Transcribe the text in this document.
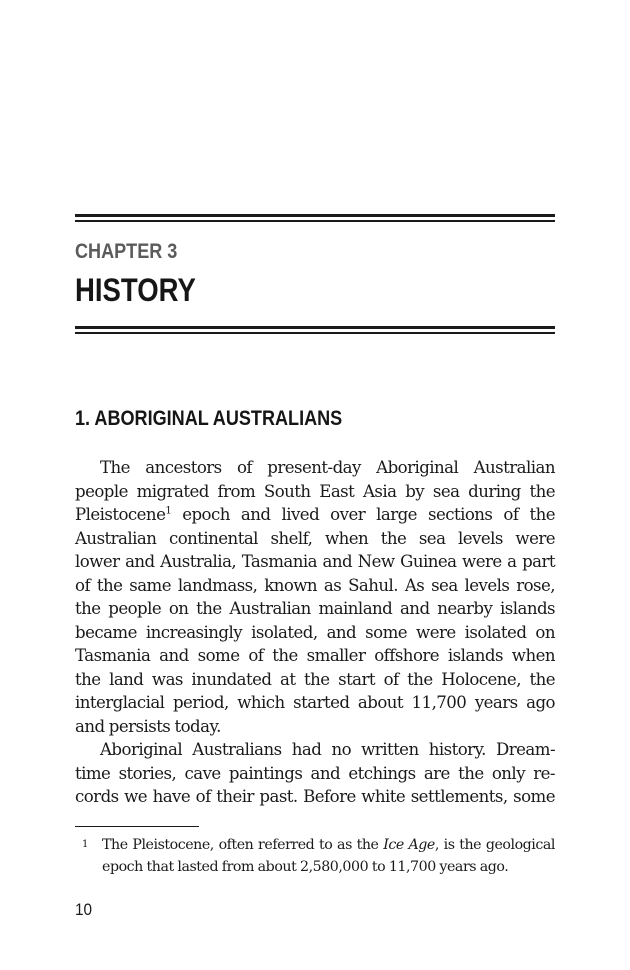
CHAPTER 3
HISTORY
1. ABORIGINAL AUSTRALIANS
The ancestors of present-day Aboriginal Australian
people migrated from South East Asia by sea during the
Pleistocene$^1$ epoch and lived over large sections of the
Australian continental shelf, when the sea levels were
lower and Australia, Tasmania and New Guinea were a part
of the same landmass, known as Sahul. As sea levels rose,
the people on the Australian mainland and nearby islands
became increasingly isolated, and some were isolated on
Tasmania and some of the smaller offshore islands when
the land was inundated at the start of the Holocene, the
interglacial period, which started about 11,700 years ago
and persists today.
Aboriginal Australians had no written history. Dream-
time stories, cave paintings and etchings are the only re-
cords we have of their past. Before white settlements, some
1 The Pleistocene, often referred to as the Ice Age, is the geological
epoch that lasted from about 2,580,000 to 11,700 years ago.
10
